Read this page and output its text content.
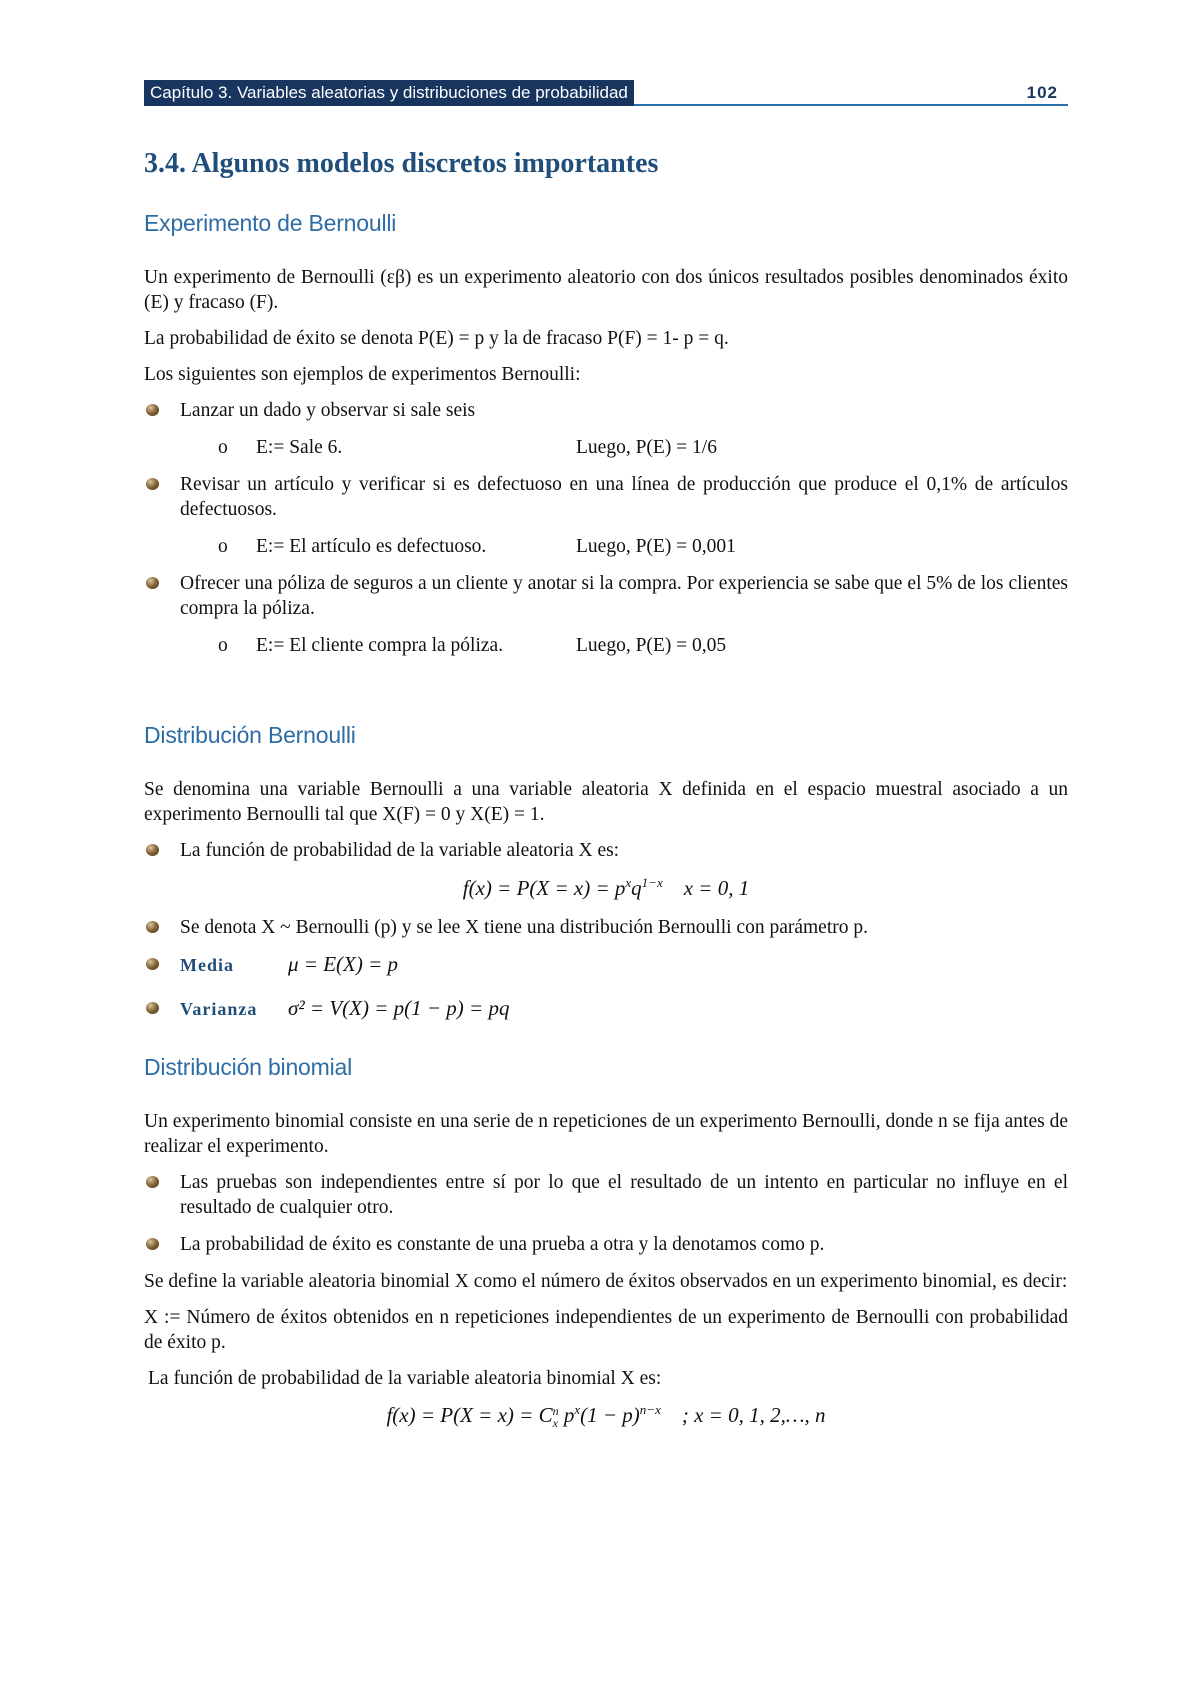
Capítulo 3. Variables aleatorias y distribuciones de probabilidad	102
3.4. Algunos modelos discretos importantes
Experimento de Bernoulli

Un experimento de Bernoulli (εβ) es un experimento aleatorio con dos únicos resultados posibles denominados éxito (E) y fracaso (F).

La probabilidad de éxito se denota P(E) = p y la de fracaso P(F) = 1- p = q.

Los siguientes son ejemplos de experimentos Bernoulli:

Lanzar un dado y observar si sale seis

o E:= Sale 6.	Luego, P(E) = 1/6
Revisar un artículo y verificar si es defectuoso en una línea de producción que produce el 0,1% de artículos defectuosos.

o E:= El artículo es defectuoso.	Luego, P(E) = 0,001
Ofrecer una póliza de seguros a un cliente y anotar si la compra. Por experiencia se sabe que el 5% de los clientes compra la póliza.

o E:= El cliente compra la póliza.	Luego, P(E) = 0,05
Distribución Bernoulli

Se denomina una variable Bernoulli a una variable aleatoria X definida en el espacio muestral asociado a un experimento Bernoulli tal que X(F) = 0 y X(E) = 1.

La función de probabilidad de la variable aleatoria X es:
$f(x) = P(X = x) = p^xq^{1-x}$ x = 0, 1
Se denota X ~ Bernoulli (p) y se lee X tiene una distribución Bernoulli con parámetro p.
Media	μ = E(X) = p
Varianza σ² = V(X) = p(1 − p) = pq
Distribución binomial

Un experimento binomial consiste en una serie de n repeticiones de un experimento Bernoulli, donde n se fija antes de realizar el experimento.

Las pruebas son independientes entre sí por lo que el resultado de un intento en particular no influye en el resultado de cualquier otro.
La probabilidad de éxito es constante de una prueba a otra y la denotamos como p.

Se define la variable aleatoria binomial X como el número de éxitos observados en un experimento binomial, es decir:

X := Número de éxitos obtenidos en n repeticiones independientes de un experimento de Bernoulli con probabilidad de éxito p.

La función de probabilidad de la variable aleatoria binomial X es:

f(x) = P(X = x) = C n
x $p^x(1 - p)^{n-x}$ ; x = 0, 1, 2,…, n
